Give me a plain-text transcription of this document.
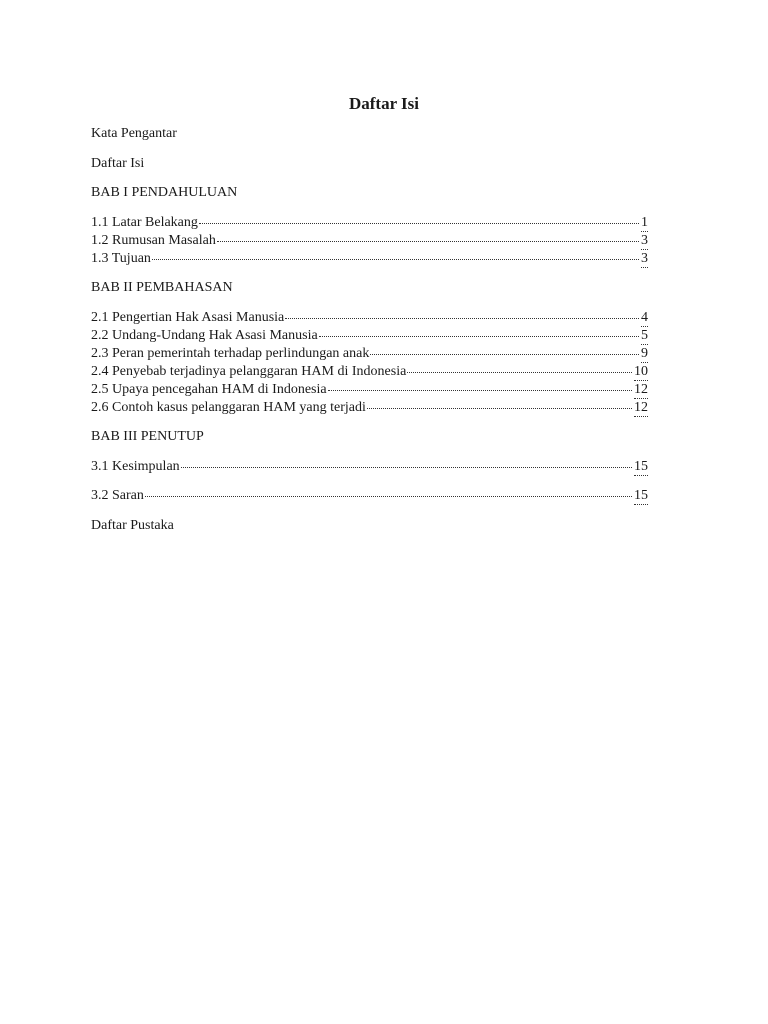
Daftar Isi
Kata Pengantar
Daftar Isi
BAB I PENDAHULUAN
1.1 Latar Belakang	1
1.2 Rumusan Masalah	3
1.3 Tujuan	3
BAB II PEMBAHASAN
2.1 Pengertian Hak Asasi Manusia	4
2.2 Undang-Undang Hak Asasi Manusia	5
2.3 Peran pemerintah terhadap perlindungan anak	9
2.4 Penyebab terjadinya pelanggaran HAM di Indonesia	10
2.5 Upaya pencegahan HAM di Indonesia	12
2.6 Contoh kasus pelanggaran HAM yang terjadi	12
BAB III PENUTUP
3.1 Kesimpulan	15
3.2 Saran	15
Daftar Pustaka
